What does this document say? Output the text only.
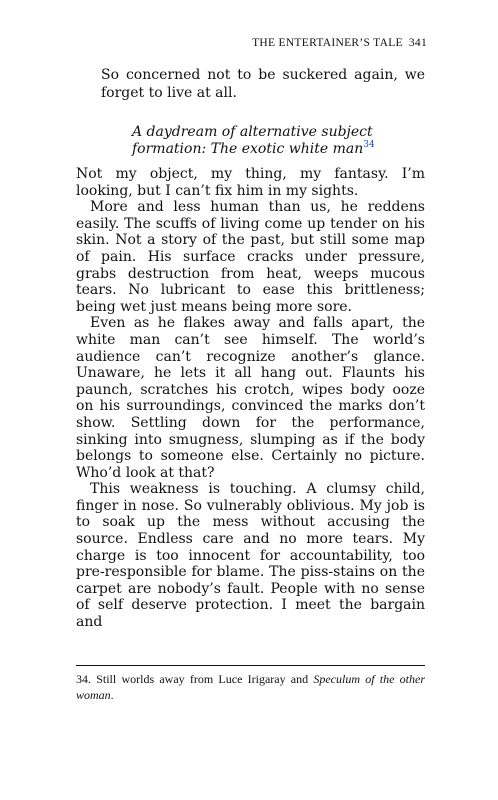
THE ENTERTAINER’S TALE 341
So concerned not to be suckered again, we
forget to live at all.
A daydream of alternative subject
formation: The exotic white man$^{34}$

Not my object, my thing, my fantasy. I’m looking, but I can’t fix him in my sights.

More and less human than us, he reddens easily. The scuffs of living come up tender on his skin. Not a story of the past, but still some map of pain. His surface cracks under pressure, grabs destruction from heat, weeps mucous tears. No lubricant to ease this brittleness; being wet just means being more sore.

Even as he flakes away and falls apart, the white man can’t see himself. The world’s audience can’t recognize another’s glance. Unaware, he lets it all hang out. Flaunts his paunch, scratches his crotch, wipes body ooze on his surroundings, convinced the marks don’t show. Settling down for the performance, sinking into smugness, slumping as if the body belongs to someone else. Certainly no picture. Who’d look at that?

This weakness is touching. A clumsy child, finger in nose. So vulnerably oblivious. My job is to soak up the mess without accusing the source. Endless care and no more tears. My charge is too innocent for accountability, too pre-responsible for blame. The piss-stains on the carpet are nobody’s fault. People with no sense of self deserve protection. I meet the bargain and

34. Still worlds away from Luce Irigaray and Speculum of the other woman.
